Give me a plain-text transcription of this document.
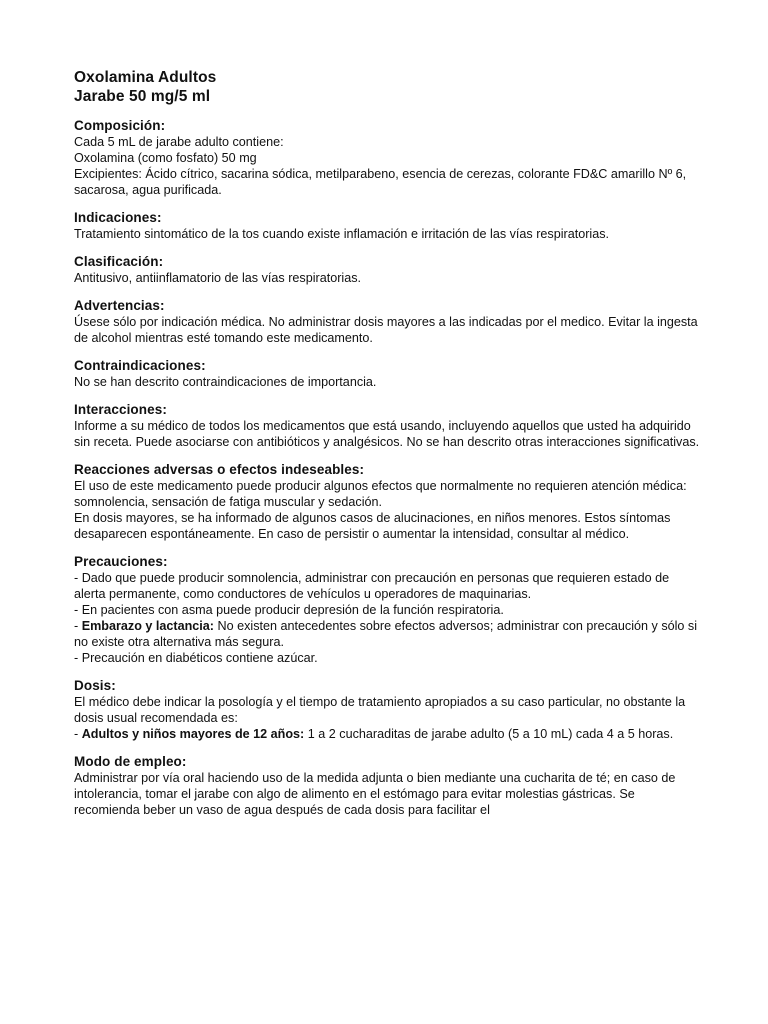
Oxolamina Adultos
Jarabe 50 mg/5 ml
Composición:

Cada 5 mL de jarabe adulto contiene:

Oxolamina (como fosfato) 50 mg

Excipientes: Ácido cítrico, sacarina sódica, metilparabeno, esencia de cerezas, colorante FD&C amarillo Nº 6, sacarosa, agua purificada.

Indicaciones:

Tratamiento sintomático de la tos cuando existe inflamación e irritación de las vías respiratorias.

Clasificación:

Antitusivo, antiinflamatorio de las vías respiratorias.

Advertencias:

Úsese sólo por indicación médica. No administrar dosis mayores a las indicadas por el medico. Evitar la ingesta de alcohol mientras esté tomando este medicamento.

Contraindicaciones:

No se han descrito contraindicaciones de importancia.

Interacciones:

Informe a su médico de todos los medicamentos que está usando, incluyendo aquellos que usted ha adquirido sin receta. Puede asociarse con antibióticos y analgésicos. No se han descrito otras interacciones significativas.

Reacciones adversas o efectos indeseables:

El uso de este medicamento puede producir algunos efectos que normalmente no requieren atención médica: somnolencia, sensación de fatiga muscular y sedación.

En dosis mayores, se ha informado de algunos casos de alucinaciones, en niños menores. Estos síntomas desaparecen espontáneamente. En caso de persistir o aumentar la intensidad, consultar al médico.

Precauciones:

- Dado que puede producir somnolencia, administrar con precaución en personas que requieren estado de alerta permanente, como conductores de vehículos u operadores de maquinarias.

- En pacientes con asma puede producir depresión de la función respiratoria.

- Embarazo y lactancia: No existen antecedentes sobre efectos adversos; administrar con precaución y sólo si no existe otra alternativa más segura.

- Precaución en diabéticos contiene azúcar.

Dosis:

El médico debe indicar la posología y el tiempo de tratamiento apropiados a su caso particular, no obstante la dosis usual recomendada es:

- Adultos y niños mayores de 12 años: 1 a 2 cucharaditas de jarabe adulto (5 a 10 mL) cada 4 a 5 horas.

Modo de empleo:

Administrar por vía oral haciendo uso de la medida adjunta o bien mediante una cucharita de té; en caso de intolerancia, tomar el jarabe con algo de alimento en el estómago para evitar molestias gástricas. Se recomienda beber un vaso de agua después de cada dosis para facilitar el
